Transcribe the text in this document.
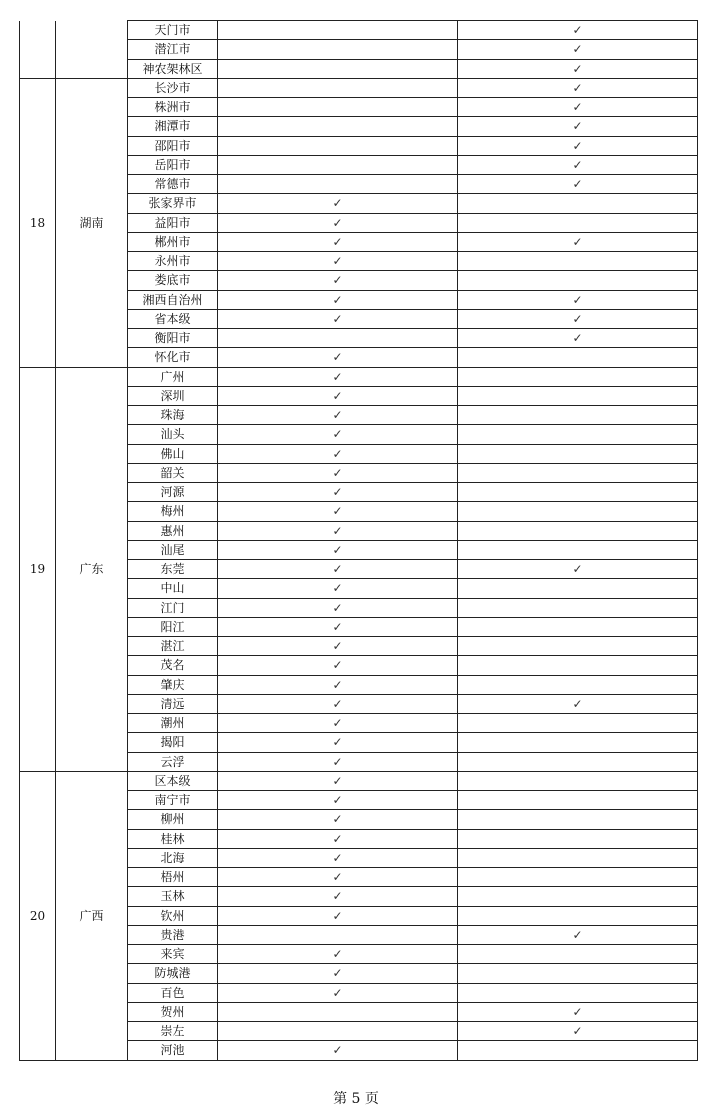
		天门市		✓
		潜江市		✓
		神农架林区		✓
18	湖南	长沙市		✓
		株洲市		✓
		湘潭市		✓
		邵阳市		✓
		岳阳市		✓
		常德市		✓
		张家界市	✓	
		益阳市	✓	
		郴州市	✓	✓
		永州市	✓	
		娄底市	✓	
		湘西自治州	✓	✓
		省本级	✓	✓
		衡阳市		✓
		怀化市	✓	
19	广东	广州	✓	
		深圳	✓	
		珠海	✓	
		汕头	✓	
		佛山	✓	
		韶关	✓	
		河源	✓	
		梅州	✓	
		惠州	✓	
		汕尾	✓	
		东莞	✓	✓
		中山	✓	
		江门	✓	
		阳江	✓	
		湛江	✓	
		茂名	✓	
		肇庆	✓	
		清远	✓	✓
		潮州	✓	
		揭阳	✓	
		云浮	✓	
20	广西	区本级	✓	
		南宁市	✓	
		柳州	✓	
		桂林	✓	
		北海	✓	
		梧州	✓	
		玉林	✓	
		钦州	✓	
		贵港		✓
		来宾	✓	
		防城港	✓	
		百色	✓	
		贺州		✓
		崇左		✓
		河池	✓	
第 5 页
